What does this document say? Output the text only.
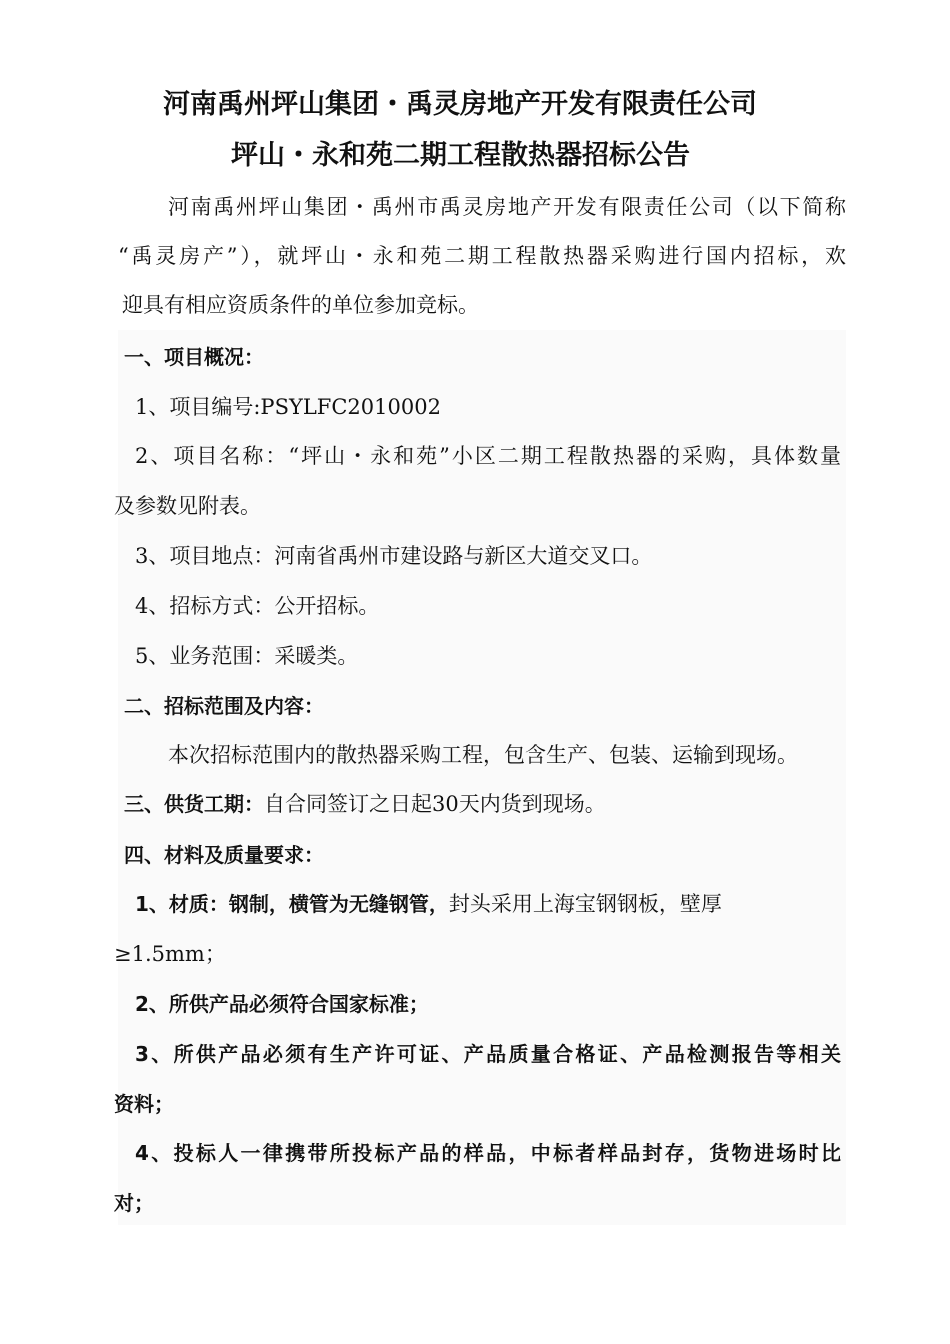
河南禹州坪山集团・禹灵房地产开发有限责任公司
坪山・永和苑二期工程散热器招标公告
河南禹州坪山集团・禹州市禹灵房地产开发有限责任公司（以下简称
“禹灵房产”），就坪山・永和苑二期工程散热器采购进行国内招标，欢
迎具有相应资质条件的单位参加竞标。
一、项目概况：
1、项目编号:PSYLFC2010002
2、项目名称：“坪山・永和苑”小区二期工程散热器的采购，具体数量
及参数见附表。
3、项目地点：河南省禹州市建设路与新区大道交叉口。
4、招标方式：公开招标。
5、业务范围：采暖类。
二、招标范围及内容：
本次招标范围内的散热器采购工程，包含生产、包装、运输到现场。
三、供货工期：自合同签订之日起30天内货到现场。
四、材料及质量要求：
1、材质：钢制，横管为无缝钢管，封头采用上海宝钢钢板，壁厚
≥1.5mm；
2、所供产品必须符合国家标准；
3、所供产品必须有生产许可证、产品质量合格证、产品检测报告等相关
资料；
4、投标人一律携带所投标产品的样品，中标者样品封存，货物进场时比
对；
